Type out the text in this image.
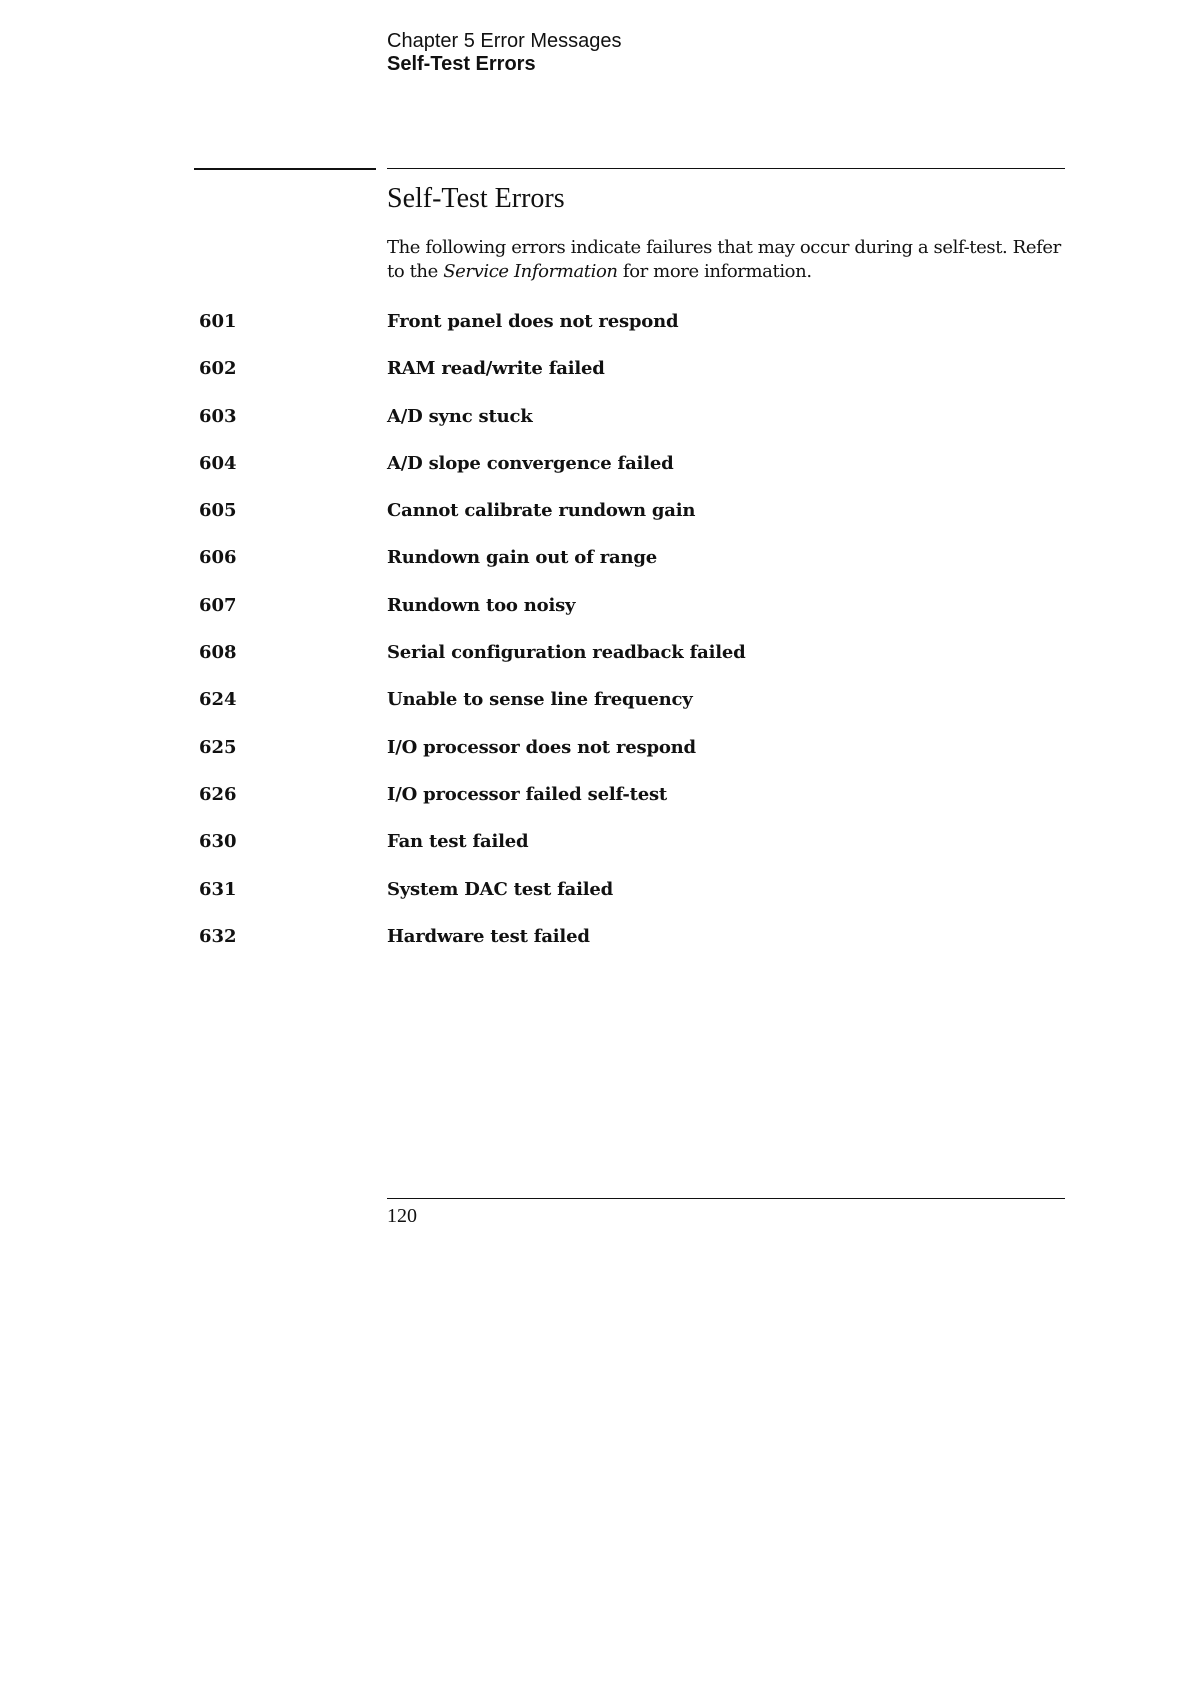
Chapter 5 Error Messages
Self-Test Errors
Self-Test Errors

The following errors indicate failures that may occur during a self-test. Refer to the Service Information for more information.

601	Front panel does not respond
602	RAM read/write failed
603	A/D sync stuck
604	A/D slope convergence failed
605	Cannot calibrate rundown gain
606	Rundown gain out of range
607	Rundown too noisy
608	Serial configuration readback failed
624	Unable to sense line frequency
625	I/O processor does not respond
626	I/O processor failed self-test
630	Fan test failed
631	System DAC test failed
632	Hardware test failed
120
